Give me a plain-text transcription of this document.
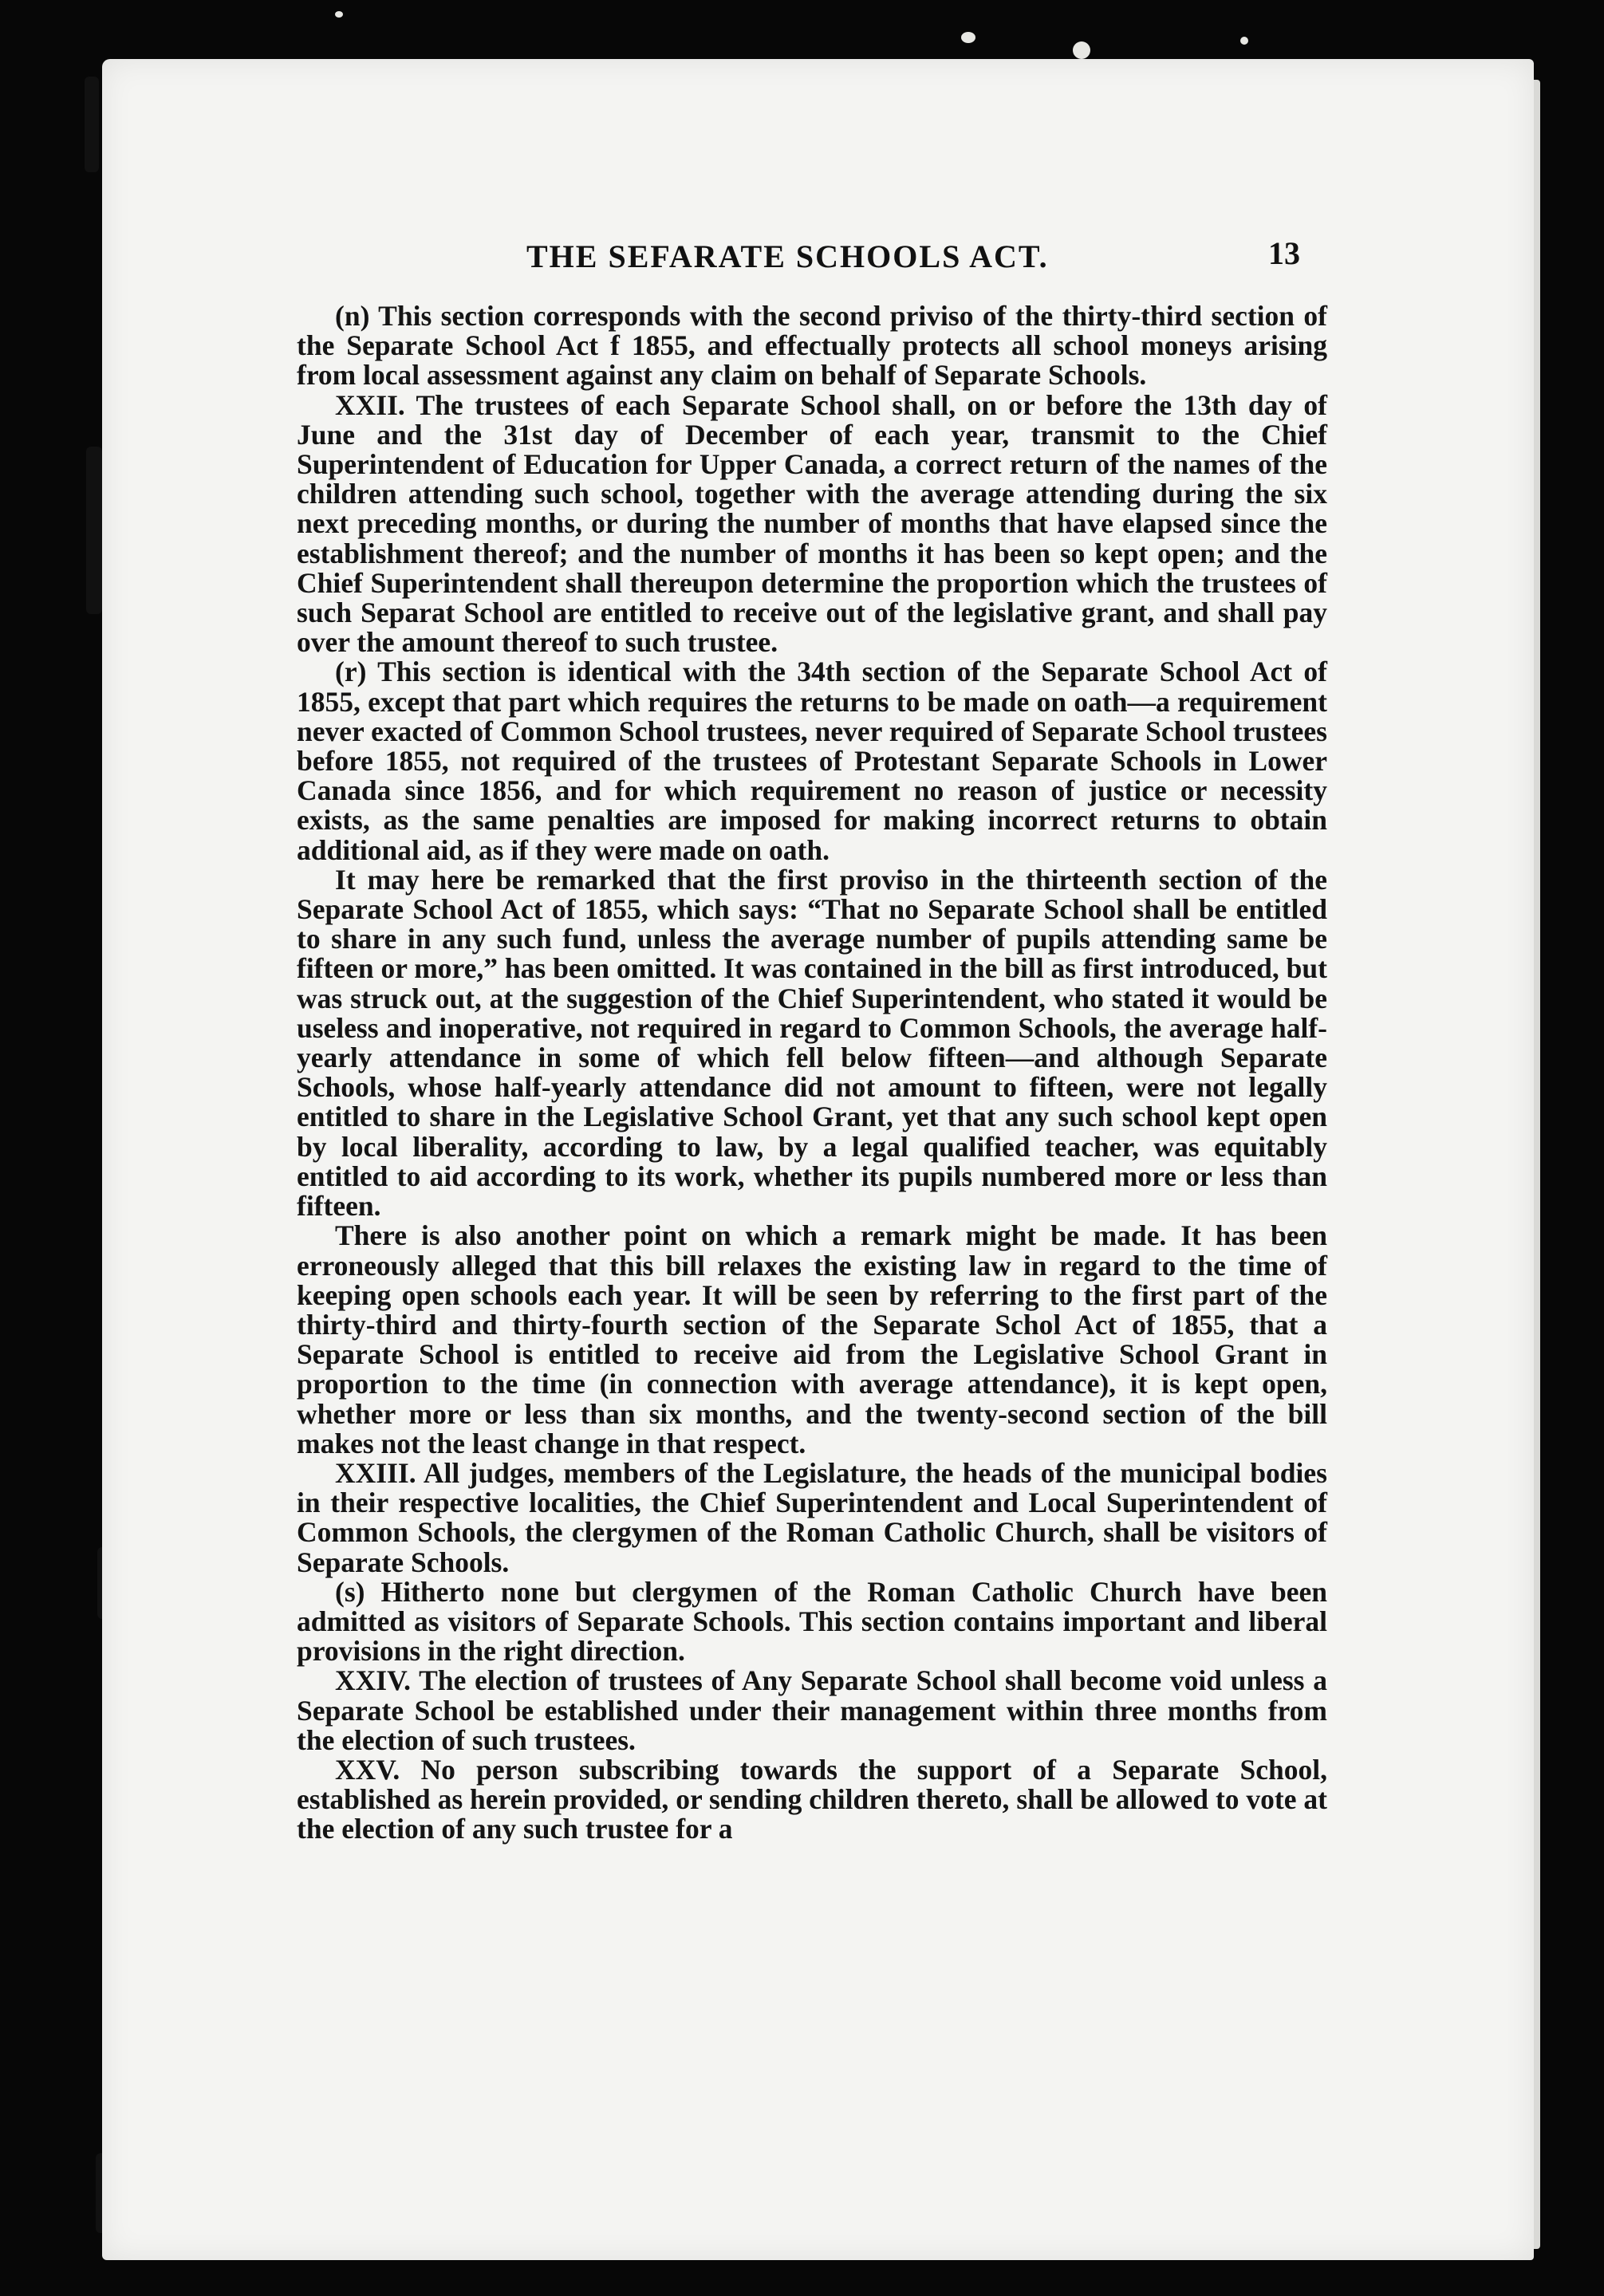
THE SEFARATE SCHOOLS ACT.	13

(n) This section corresponds with the second priviso of the thirty-third section of the Separate School Act f 1855, and effectually protects all school moneys arising from local assessment against any claim on behalf of Separate Schools.

XXII. The trustees of each Separate School shall, on or before the 13th day of June and the 31st day of December of each year, transmit to the Chief Superintendent of Education for Upper Canada, a correct return of the names of the children attending such school, together with the average attending during the six next preceding months, or during the number of months that have elapsed since the establishment thereof; and the number of months it has been so kept open; and the Chief Superintendent shall thereupon determine the proportion which the trustees of such Separat School are entitled to receive out of the legislative grant, and shall pay over the amount thereof to such trustee.

(r) This section is identical with the 34th section of the Separate School Act of 1855, except that part which requires the returns to be made on oath—a requirement never exacted of Common School trustees, never required of Separate School trustees before 1855, not required of the trustees of Protestant Separate Schools in Lower Canada since 1856, and for which requirement no reason of justice or necessity exists, as the same penalties are imposed for making incorrect returns to obtain additional aid, as if they were made on oath.

It may here be remarked that the first proviso in the thirteenth section of the Separate School Act of 1855, which says: “That no Separate School shall be entitled to share in any such fund, unless the average number of pupils attending same be fifteen or more,” has been omitted. It was contained in the bill as first introduced, but was struck out, at the suggestion of the Chief Superintendent, who stated it would be useless and inoperative, not required in regard to Common Schools, the average half-yearly attendance in some of which fell below fifteen—and although Separate Schools, whose half-yearly attendance did not amount to fifteen, were not legally entitled to share in the Legislative School Grant, yet that any such school kept open by local liberality, according to law, by a legal qualified teacher, was equitably entitled to aid according to its work, whether its pupils numbered more or less than fifteen.

There is also another point on which a remark might be made. It has been erroneously alleged that this bill relaxes the existing law in regard to the time of keeping open schools each year. It will be seen by referring to the first part of the thirty-third and thirty-fourth section of the Separate Schol Act of 1855, that a Separate School is entitled to receive aid from the Legislative School Grant in proportion to the time (in connection with average attendance), it is kept open, whether more or less than six months, and the twenty-second section of the bill makes not the least change in that respect.

XXIII. All judges, members of the Legislature, the heads of the municipal bodies in their respective localities, the Chief Superintendent and Local Superintendent of Common Schools, the clergymen of the Roman Catholic Church, shall be visitors of Separate Schools.

(s) Hitherto none but clergymen of the Roman Catholic Church have been admitted as visitors of Separate Schools. This section contains important and liberal provisions in the right direction.

XXIV. The election of trustees of Any Separate School shall become void unless a Separate School be established under their management within three months from the election of such trustees.

XXV. No person subscribing towards the support of a Separate School, established as herein provided, or sending children thereto, shall be allowed to vote at the election of any such trustee for a
